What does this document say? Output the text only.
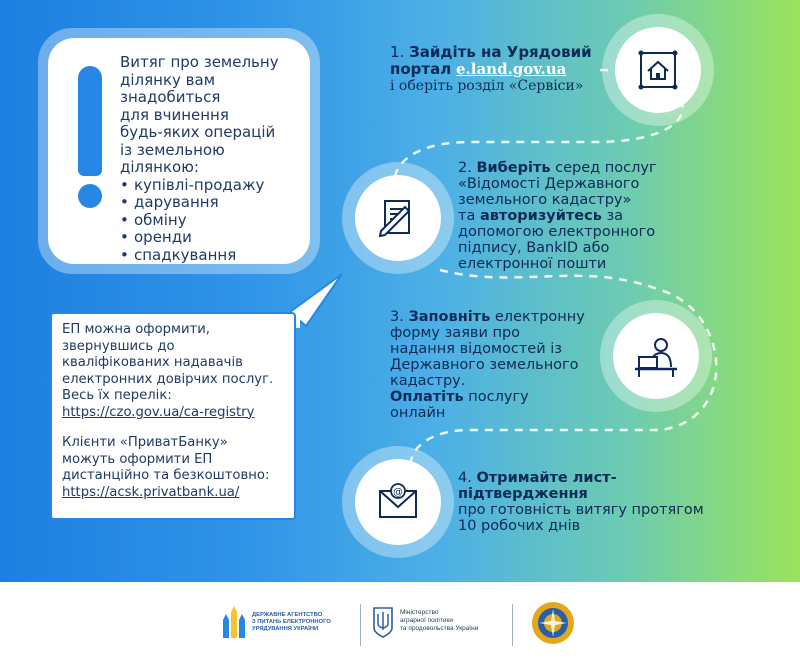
Витяг про земельну
ділянку вам
знадобиться
для вчинення
будь-яких операцій
із земельною
ділянкою:
• купівлі-продажу
• дарування
• обміну
• оренди
• спадкування
ЕП можна оформити,
звернувшись до
кваліфікованих надавачів
електронних довірчих послуг.
Весь їх перелік:
https://czo.gov.ua/ca-registry
Клієнти «ПриватБанку»
можуть оформити ЕП
дистанційно та безкоштовно:
https://acsk.privatbank.ua/
1. Зайдіть на Урядовий
портал e.land.gov.ua
і оберіть розділ «Сервіси»
2. Виберіть серед послуг
«Відомості Державного
земельного кадастру»
та авторизуйтесь за
допомогою електронного
підпису, BankID або
електронної пошти
3. Заповніть електронну
форму заяви про
надання відомостей із
Державного земельного
кадастру.
Оплатіть послугу
онлайн
@
4. Отримайте лист-
підтвердження
про готовність витягу протягом
10 робочих днів
ДЕРЖАВНЕ АГЕНТСТВО
З ПИТАНЬ ЕЛЕКТРОННОГО
УРЯДУВАННЯ УКРАЇНИ
Міністерство
аграрної політики
та продовольства України
